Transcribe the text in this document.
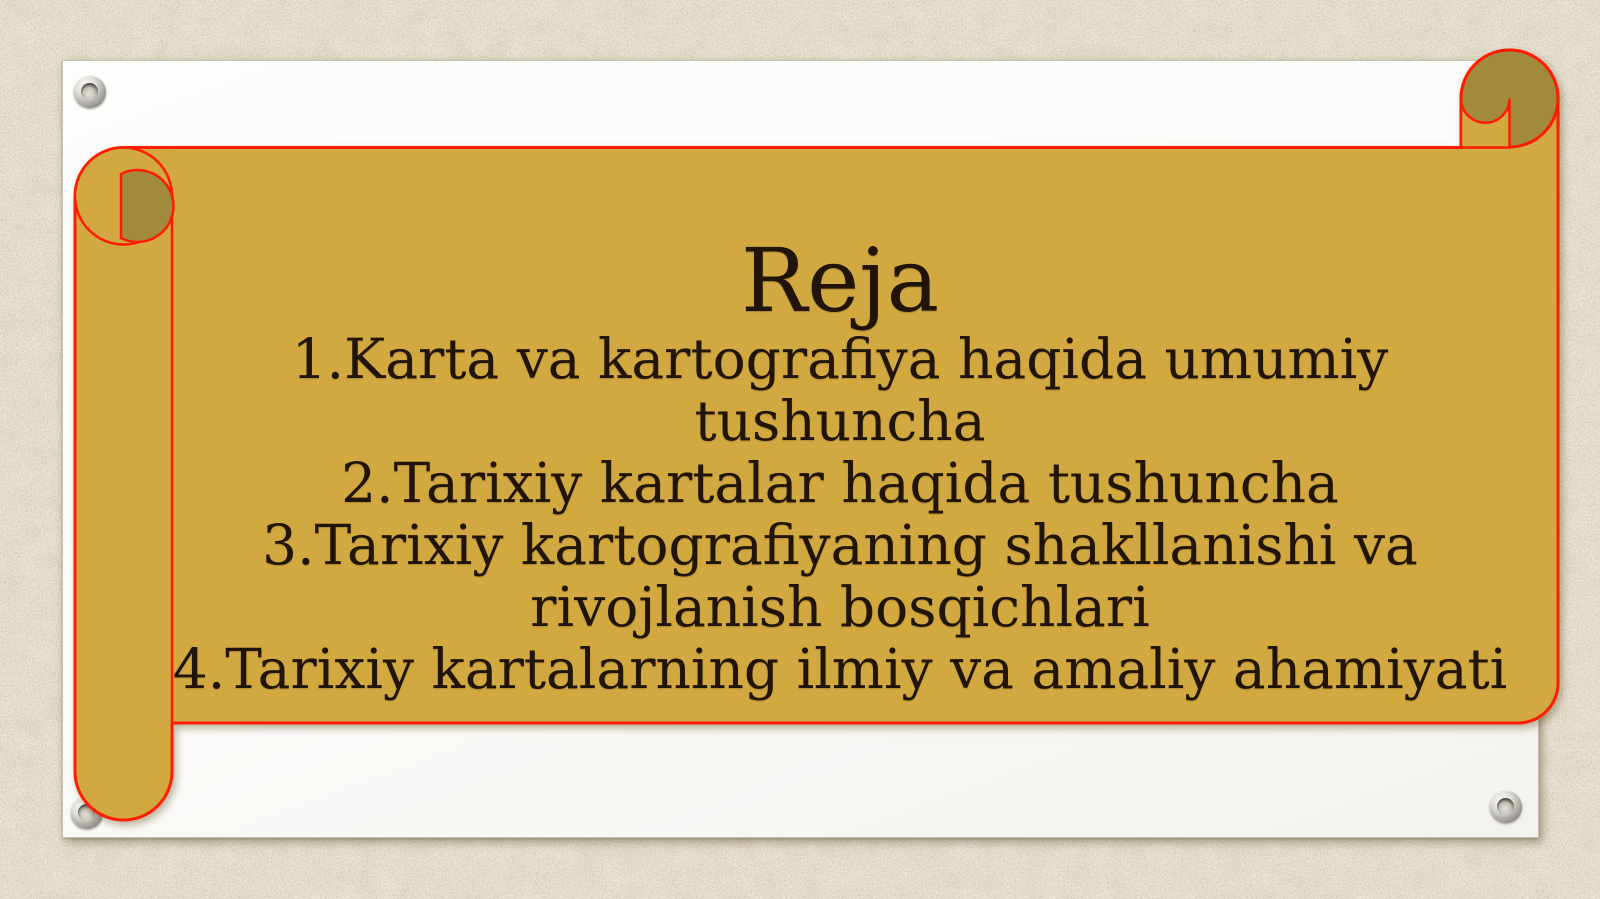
Reja
1.Karta va kartografiya haqida umumiy tushuncha
2.Tarixiy kartalar haqida tushuncha
3.Tarixiy kartografiyaning shakllanishi va rivojlanish bosqichlari
4.Tarixiy kartalarning ilmiy va amaliy ahamiyati
